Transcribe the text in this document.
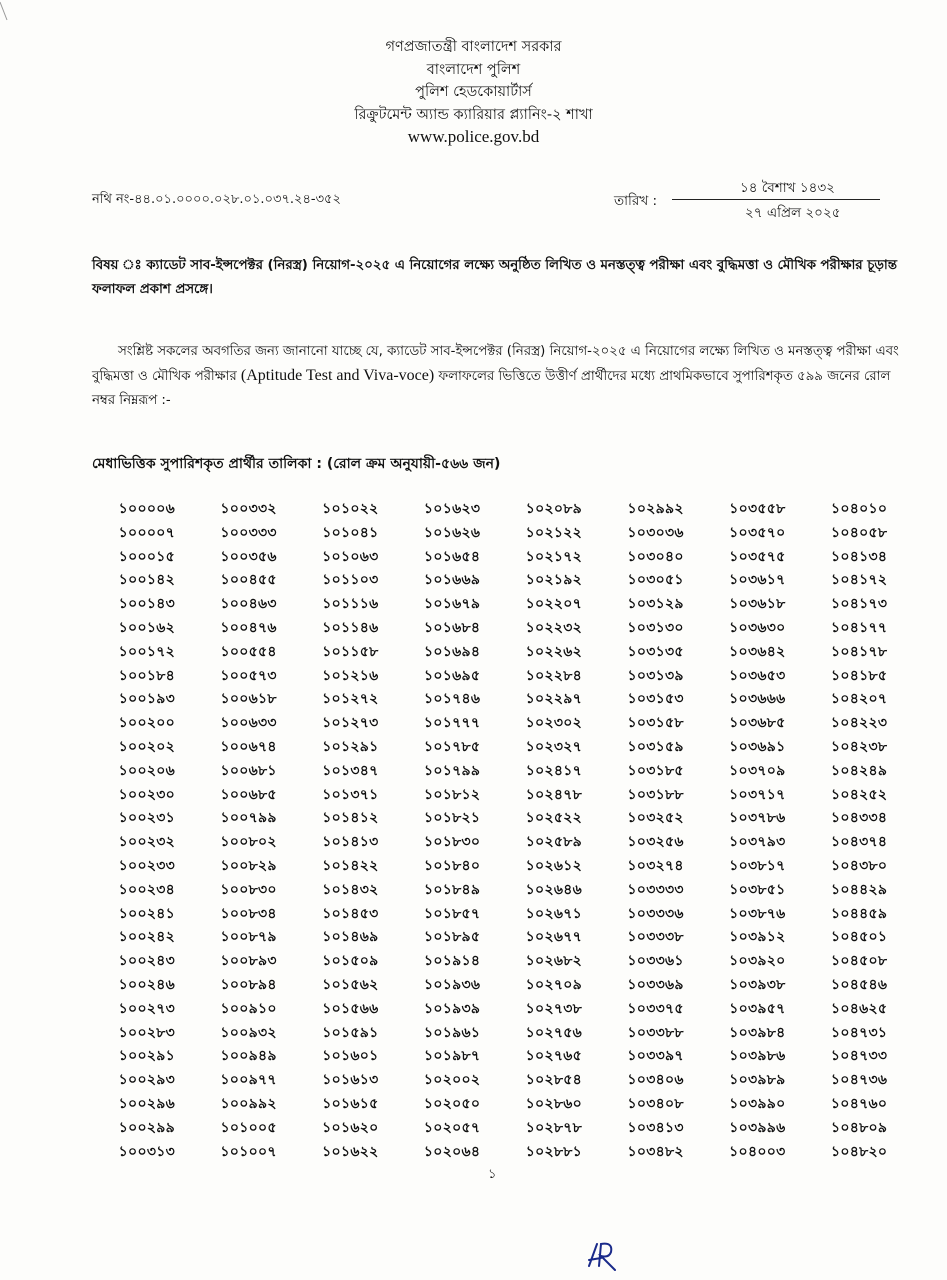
গণপ্রজাতন্ত্রী বাংলাদেশ সরকার
বাংলাদেশ পুলিশ
পুলিশ হেডকোয়ার্টার্স
রিক্রুটমেন্ট অ্যান্ড ক্যারিয়ার প্ল্যানিং-২ শাখা
www.police.gov.bd
নথি নং-৪৪.০১.০০০০.০২৮.০১.০৩৭.২৪-৩৫২	তারিখ :
১৪ বৈশাখ ১৪৩২
২৭ এপ্রিল ২০২৫
বিষয় ঃ ক্যাডেট সাব-ইন্সপেক্টর (নিরস্ত্র) নিয়োগ-২০২৫ এ নিয়োগের লক্ষ্যে অনুষ্ঠিত লিখিত ও মনস্তত্ত্ব পরীক্ষা এবং বুদ্ধিমত্তা ও মৌখিক পরীক্ষার চূড়ান্ত ফলাফল প্রকাশ প্রসঙ্গে।
সংশ্লিষ্ট সকলের অবগতির জন্য জানানো যাচ্ছে যে, ক্যাডেট সাব-ইন্সপেক্টর (নিরস্ত্র) নিয়োগ-২০২৫ এ নিয়োগের লক্ষ্যে লিখিত ও মনস্তত্ত্ব পরীক্ষা এবং বুদ্ধিমত্তা ও মৌখিক পরীক্ষার (Aptitude Test and Viva-voce) ফলাফলের ভিত্তিতে উত্তীর্ণ প্রার্থীদের মধ্যে প্রাথমিকভাবে সুপারিশকৃত ৫৯৯ জনের রোল নম্বর নিম্নরূপ :-
মেধাভিত্তিক সুপারিশকৃত প্রার্থীর তালিকা : (রোল ক্রম অনুযায়ী-৫৬৬ জন)
১০০০০৬	১০০৩৩২	১০১০২২	১০১৬২৩	১০২০৮৯	১০২৯৯২	১০৩৫৫৮	১০৪০১০
১০০০০৭	১০০৩৩৩	১০১০৪১	১০১৬২৬	১০২১২২	১০৩০৩৬	১০৩৫৭০	১০৪০৫৮
১০০০১৫	১০০৩৫৬	১০১০৬৩	১০১৬৫৪	১০২১৭২	১০৩০৪০	১০৩৫৭৫	১০৪১৩৪
১০০১৪২	১০০৪৫৫	১০১১০৩	১০১৬৬৯	১০২১৯২	১০৩০৫১	১০৩৬১৭	১০৪১৭২
১০০১৪৩	১০০৪৬৩	১০১১১৬	১০১৬৭৯	১০২২০৭	১০৩১২৯	১০৩৬১৮	১০৪১৭৩
১০০১৬২	১০০৪৭৬	১০১১৪৬	১০১৬৮৪	১০২২৩২	১০৩১৩০	১০৩৬৩০	১০৪১৭৭
১০০১৭২	১০০৫৫৪	১০১১৫৮	১০১৬৯৪	১০২২৬২	১০৩১৩৫	১০৩৬৪২	১০৪১৭৮
১০০১৮৪	১০০৫৭৩	১০১২১৬	১০১৬৯৫	১০২২৮৪	১০৩১৩৯	১০৩৬৫৩	১০৪১৮৫
১০০১৯৩	১০০৬১৮	১০১২৭২	১০১৭৪৬	১০২২৯৭	১০৩১৫৩	১০৩৬৬৬	১০৪২০৭
১০০২০০	১০০৬৩৩	১০১২৭৩	১০১৭৭৭	১০২৩০২	১০৩১৫৮	১০৩৬৮৫	১০৪২২৩
১০০২০২	১০০৬৭৪	১০১২৯১	১০১৭৮৫	১০২৩২৭	১০৩১৫৯	১০৩৬৯১	১০৪২৩৮
১০০২০৬	১০০৬৮১	১০১৩৪৭	১০১৭৯৯	১০২৪১৭	১০৩১৮৫	১০৩৭০৯	১০৪২৪৯
১০০২৩০	১০০৬৮৫	১০১৩৭১	১০১৮১২	১০২৪৭৮	১০৩১৮৮	১০৩৭১৭	১০৪২৫২
১০০২৩১	১০০৭৯৯	১০১৪১২	১০১৮২১	১০২৫২২	১০৩২৫২	১০৩৭৮৬	১০৪৩৩৪
১০০২৩২	১০০৮০২	১০১৪১৩	১০১৮৩০	১০২৫৮৯	১০৩২৫৬	১০৩৭৯৩	১০৪৩৭৪
১০০২৩৩	১০০৮২৯	১০১৪২২	১০১৮৪০	১০২৬১২	১০৩২৭৪	১০৩৮১৭	১০৪৩৮০
১০০২৩৪	১০০৮৩০	১০১৪৩২	১০১৮৪৯	১০২৬৪৬	১০৩৩৩৩	১০৩৮৫১	১০৪৪২৯
১০০২৪১	১০০৮৩৪	১০১৪৫৩	১০১৮৫৭	১০২৬৭১	১০৩৩৩৬	১০৩৮৭৬	১০৪৪৫৯
১০০২৪২	১০০৮৭৯	১০১৪৬৯	১০১৮৯৫	১০২৬৭৭	১০৩৩৩৮	১০৩৯১২	১০৪৫০১
১০০২৪৩	১০০৮৯৩	১০১৫০৯	১০১৯১৪	১০২৬৮২	১০৩৩৬১	১০৩৯২০	১০৪৫০৮
১০০২৪৬	১০০৮৯৪	১০১৫৬২	১০১৯৩৬	১০২৭০৯	১০৩৩৬৯	১০৩৯৩৮	১০৪৫৪৬
১০০২৭৩	১০০৯১০	১০১৫৬৬	১০১৯৩৯	১০২৭৩৮	১০৩৩৭৫	১০৩৯৫৭	১০৪৬২৫
১০০২৮৩	১০০৯৩২	১০১৫৯১	১০১৯৬১	১০২৭৫৬	১০৩৩৮৮	১০৩৯৮৪	১০৪৭৩১
১০০২৯১	১০০৯৪৯	১০১৬০১	১০১৯৮৭	১০২৭৬৫	১০৩৩৯৭	১০৩৯৮৬	১০৪৭৩৩
১০০২৯৩	১০০৯৭৭	১০১৬১৩	১০২০০২	১০২৮৫৪	১০৩৪০৬	১০৩৯৮৯	১০৪৭৩৬
১০০২৯৬	১০০৯৯২	১০১৬১৫	১০২০৫০	১০২৮৬০	১০৩৪০৮	১০৩৯৯০	১০৪৭৬০
১০০২৯৯	১০১০০৫	১০১৬২০	১০২০৫৭	১০২৮৭৮	১০৩৪১৩	১০৩৯৯৬	১০৪৮০৯
১০০৩১৩	১০১০০৭	১০১৬২২	১০২০৬৪	১০২৮৮১	১০৩৪৮২	১০৪০০৩	১০৪৮২০
১
